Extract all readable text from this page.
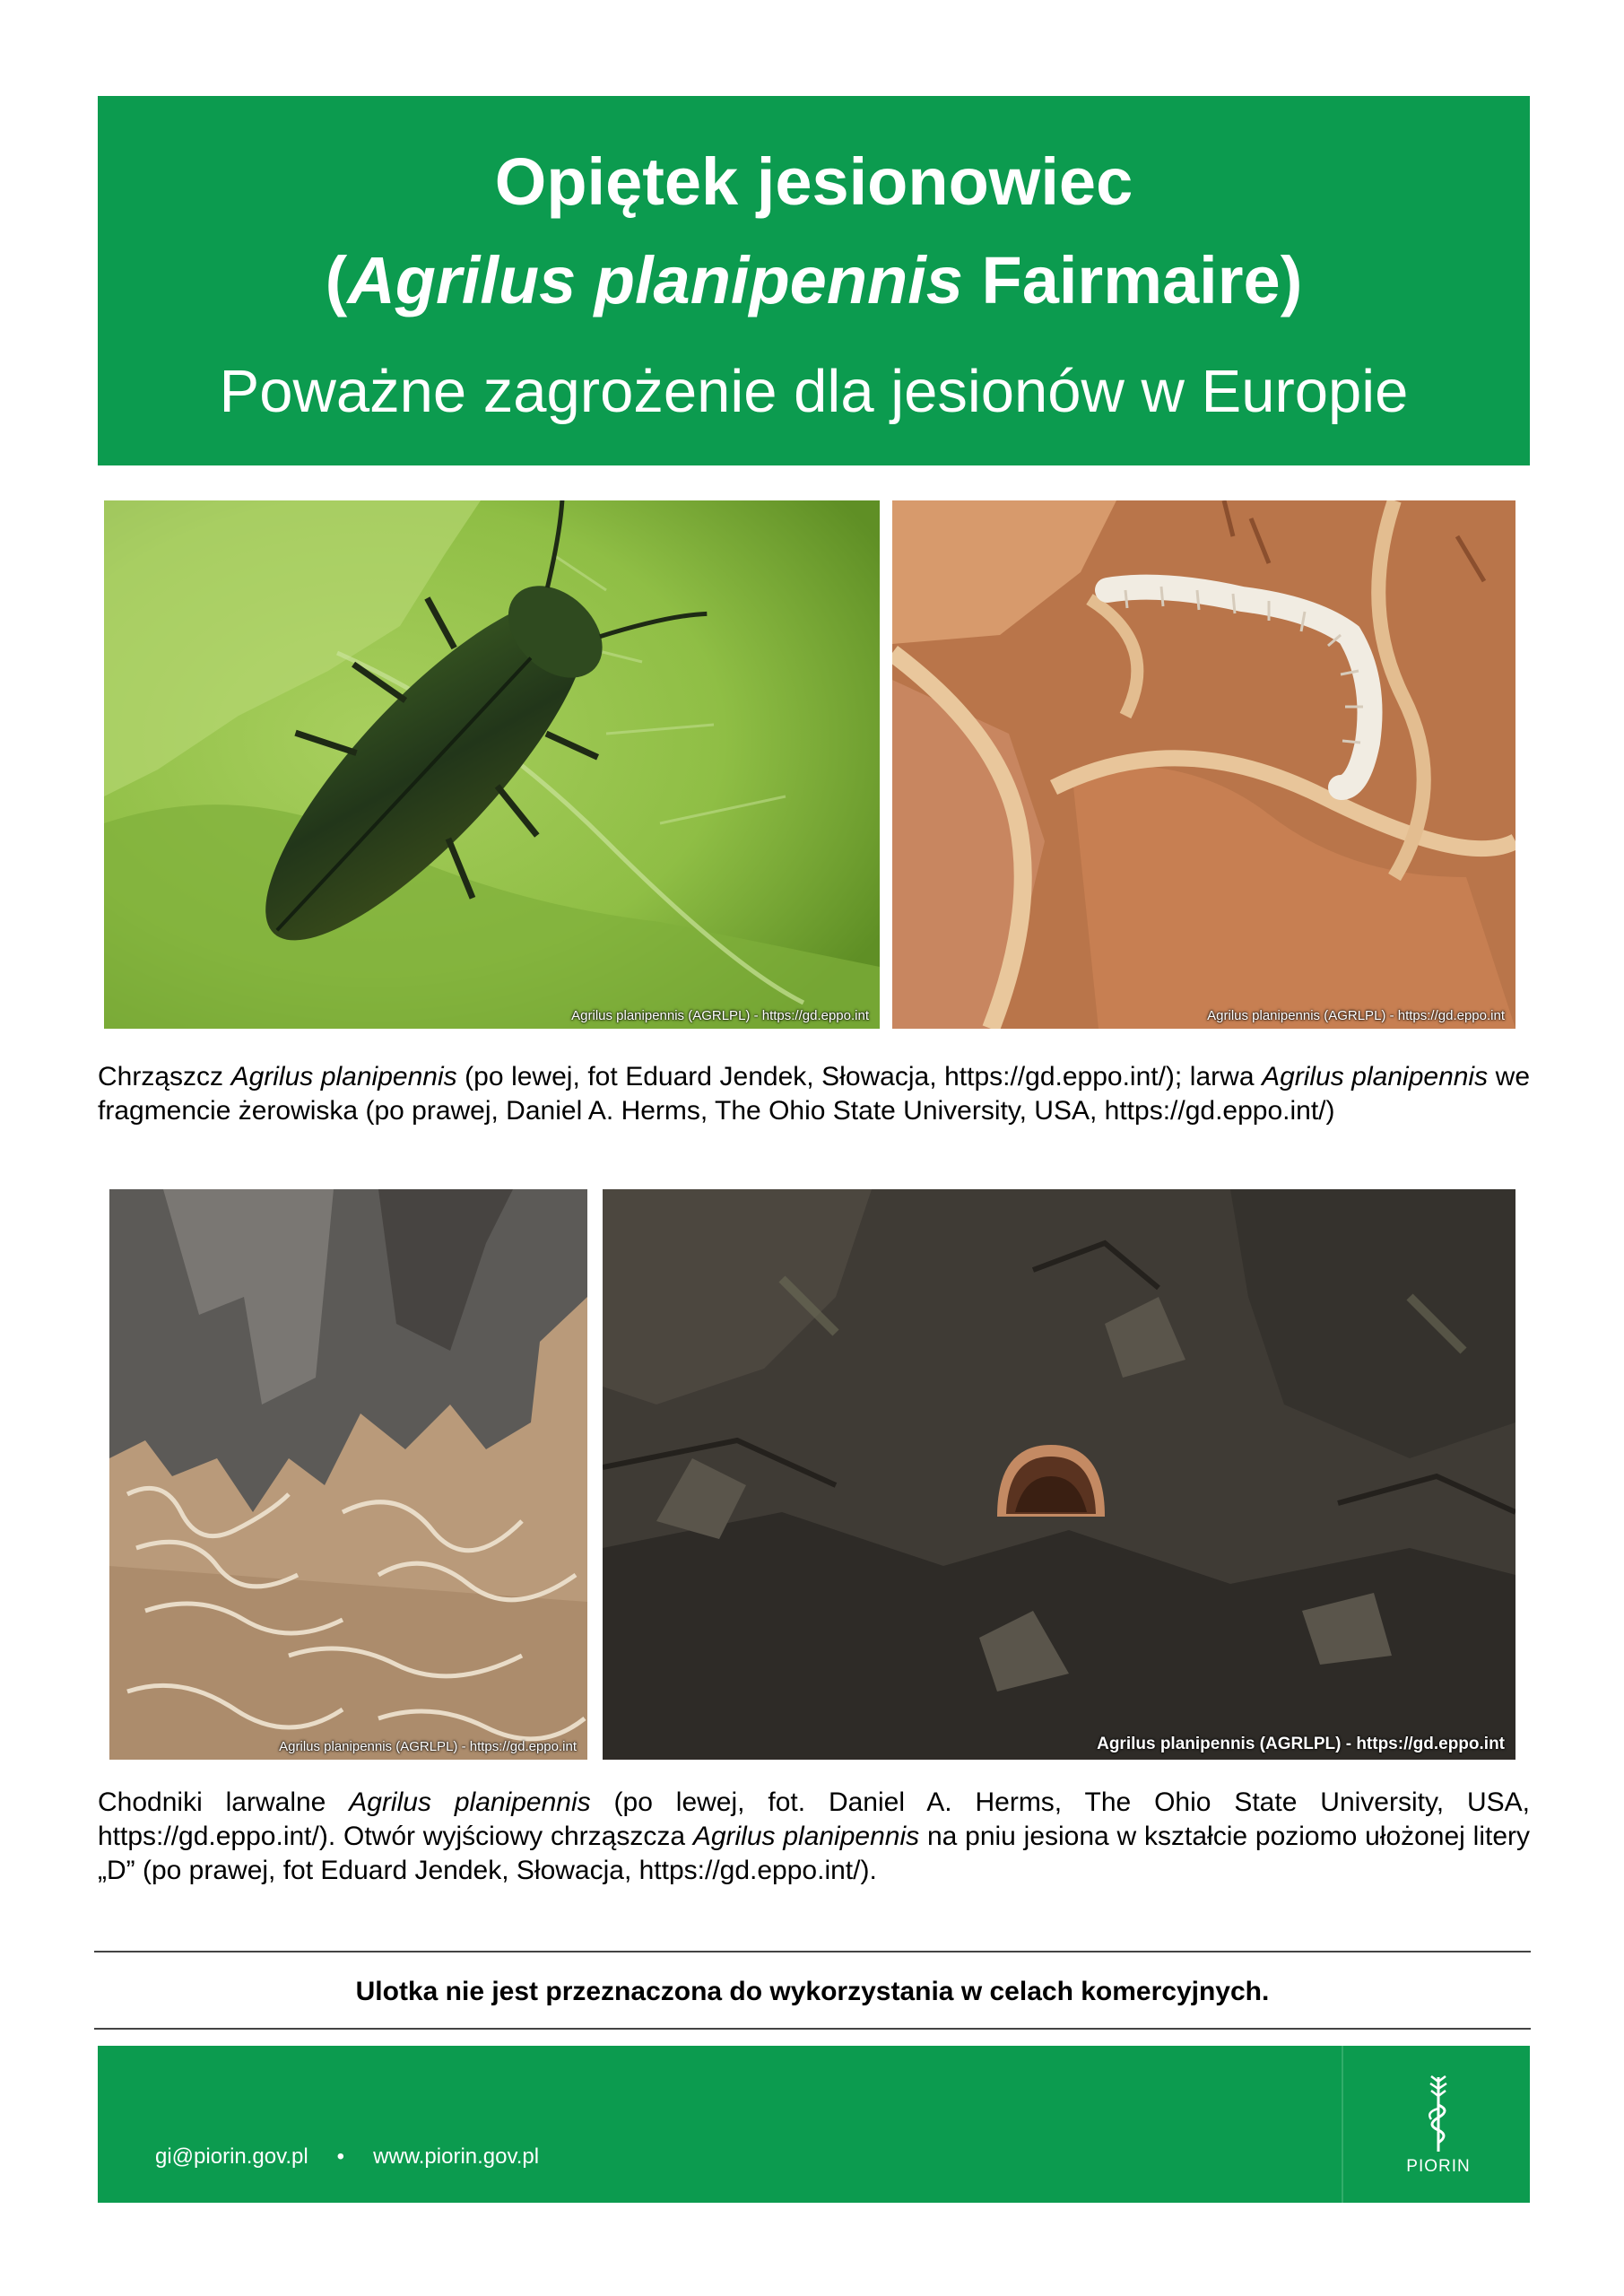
Opiętek jesionowiec
(Agrilus planipennis Fairmaire)
Poważne zagrożenie dla jesionów w Europie
Agrilus planipennis (AGRLPL) - https://gd.eppo.int	Agrilus planipennis (AGRLPL) - https://gd.eppo.int
Chrząszcz Agrilus planipennis (po lewej, fot Eduard Jendek, Słowacja, https://gd.eppo.int/); larwa Agrilus planipennis we fragmencie żerowiska (po prawej, Daniel A. Herms, The Ohio State University, USA, https://gd.eppo.int/)
Agrilus planipennis (AGRLPL) - https://gd.eppo.int	Agrilus planipennis (AGRLPL) - https://gd.eppo.int
Chodniki larwalne Agrilus planipennis (po lewej, fot. Daniel A. Herms, The Ohio State University, USA, https://gd.eppo.int/). Otwór wyjściowy chrząszcza Agrilus planipennis na pniu jesiona w kształcie poziomo ułożonej litery „D” (po prawej, fot Eduard Jendek, Słowacja, https://gd.eppo.int/).
Ulotka nie jest przeznaczona do wykorzystania w celach komercyjnych.
gi@piorin.gov.pl • www.piorin.gov.pl	PIORIN
